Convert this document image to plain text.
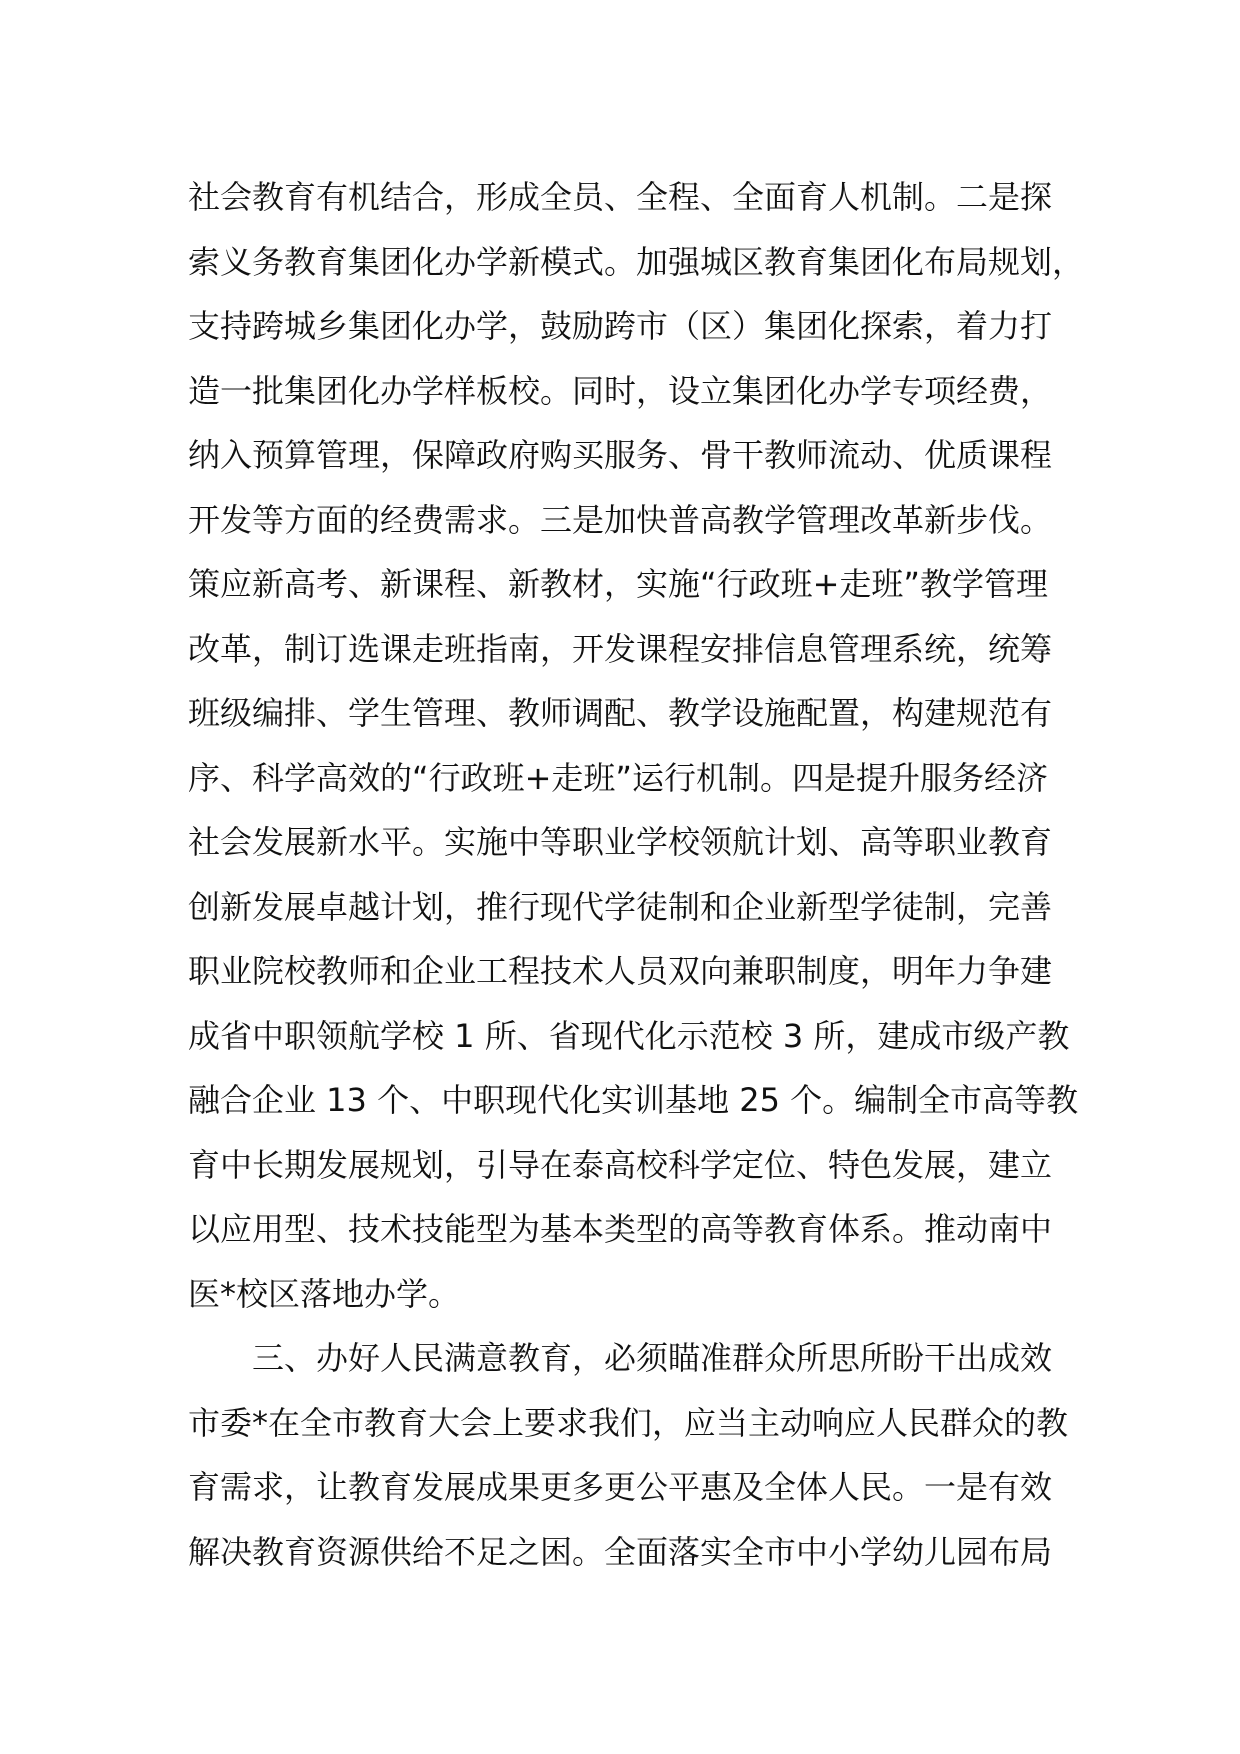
社会教育有机结合，形成全员、全程、全面育人机制。二是探
索义务教育集团化办学新模式。加强城区教育集团化布局规划，
支持跨城乡集团化办学，鼓励跨市（区）集团化探索，着力打
造一批集团化办学样板校。同时，设立集团化办学专项经费，
纳入预算管理，保障政府购买服务、骨干教师流动、优质课程
开发等方面的经费需求。三是加快普高教学管理改革新步伐。
策应新高考、新课程、新教材，实施“行政班+走班”教学管理
改革，制订选课走班指南，开发课程安排信息管理系统，统筹
班级编排、学生管理、教师调配、教学设施配置，构建规范有
序、科学高效的“行政班+走班”运行机制。四是提升服务经济
社会发展新水平。实施中等职业学校领航计划、高等职业教育
创新发展卓越计划，推行现代学徒制和企业新型学徒制，完善
职业院校教师和企业工程技术人员双向兼职制度，明年力争建
成省中职领航学校 1 所、省现代化示范校 3 所，建成市级产教
融合企业 13 个、中职现代化实训基地 25 个。编制全市高等教
育中长期发展规划，引导在泰高校科学定位、特色发展，建立
以应用型、技术技能型为基本类型的高等教育体系。推动南中
医*校区落地办学。
三、办好人民满意教育，必须瞄准群众所思所盼干出成效
市委*在全市教育大会上要求我们，应当主动响应人民群众的教
育需求，让教育发展成果更多更公平惠及全体人民。一是有效
解决教育资源供给不足之困。全面落实全市中小学幼儿园布局
